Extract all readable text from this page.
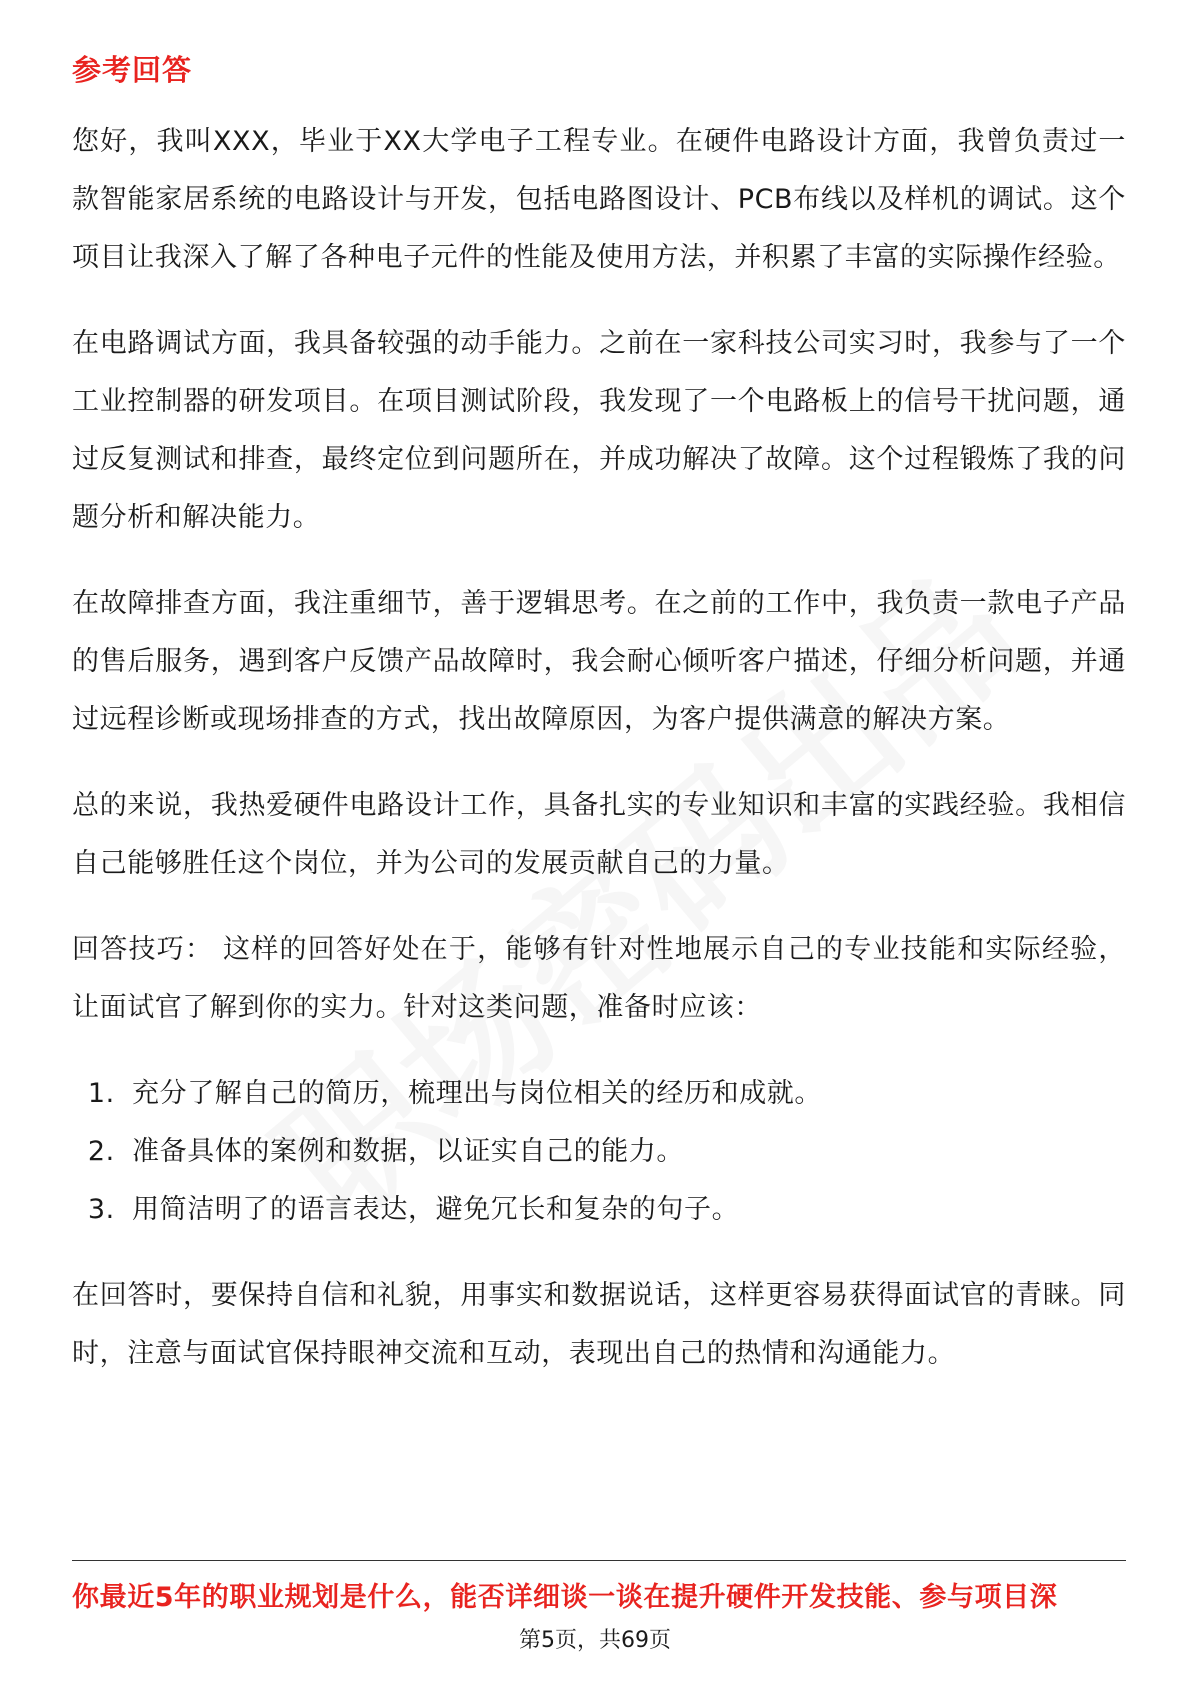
参考回答

您好，我叫XXX，毕业于XX大学电子工程专业。在硬件电路设计方面，我曾负责过一款智能家居系统的电路设计与开发，包括电路图设计、PCB布线以及样机的调试。这个项目让我深入了解了各种电子元件的性能及使用方法，并积累了丰富的实际操作经验。

在电路调试方面，我具备较强的动手能力。之前在一家科技公司实习时，我参与了一个工业控制器的研发项目。在项目测试阶段，我发现了一个电路板上的信号干扰问题，通过反复测试和排查，最终定位到问题所在，并成功解决了故障。这个过程锻炼了我的问题分析和解决能力。

在故障排查方面，我注重细节，善于逻辑思考。在之前的工作中，我负责一款电子产品的售后服务，遇到客户反馈产品故障时，我会耐心倾听客户描述，仔细分析问题，并通过远程诊断或现场排查的方式，找出故障原因，为客户提供满意的解决方案。

总的来说，我热爱硬件电路设计工作，具备扎实的专业知识和丰富的实践经验。我相信自己能够胜任这个岗位，并为公司的发展贡献自己的力量。

回答技巧： 这样的回答好处在于，能够有针对性地展示自己的专业技能和实际经验，让面试官了解到你的实力。针对这类问题，准备时应该：

1. 充分了解自己的简历，梳理出与岗位相关的经历和成就。
2. 准备具体的案例和数据，以证实自己的能力。
3. 用简洁明了的语言表达，避免冗长和复杂的句子。

在回答时，要保持自信和礼貌，用事实和数据说话，这样更容易获得面试官的青睐。同时，注意与面试官保持眼神交流和互动，表现出自己的热情和沟通能力。

你最近5年的职业规划是什么，能否详细谈一谈在提升硬件开发技能、参与项目深
第5页，共69页
